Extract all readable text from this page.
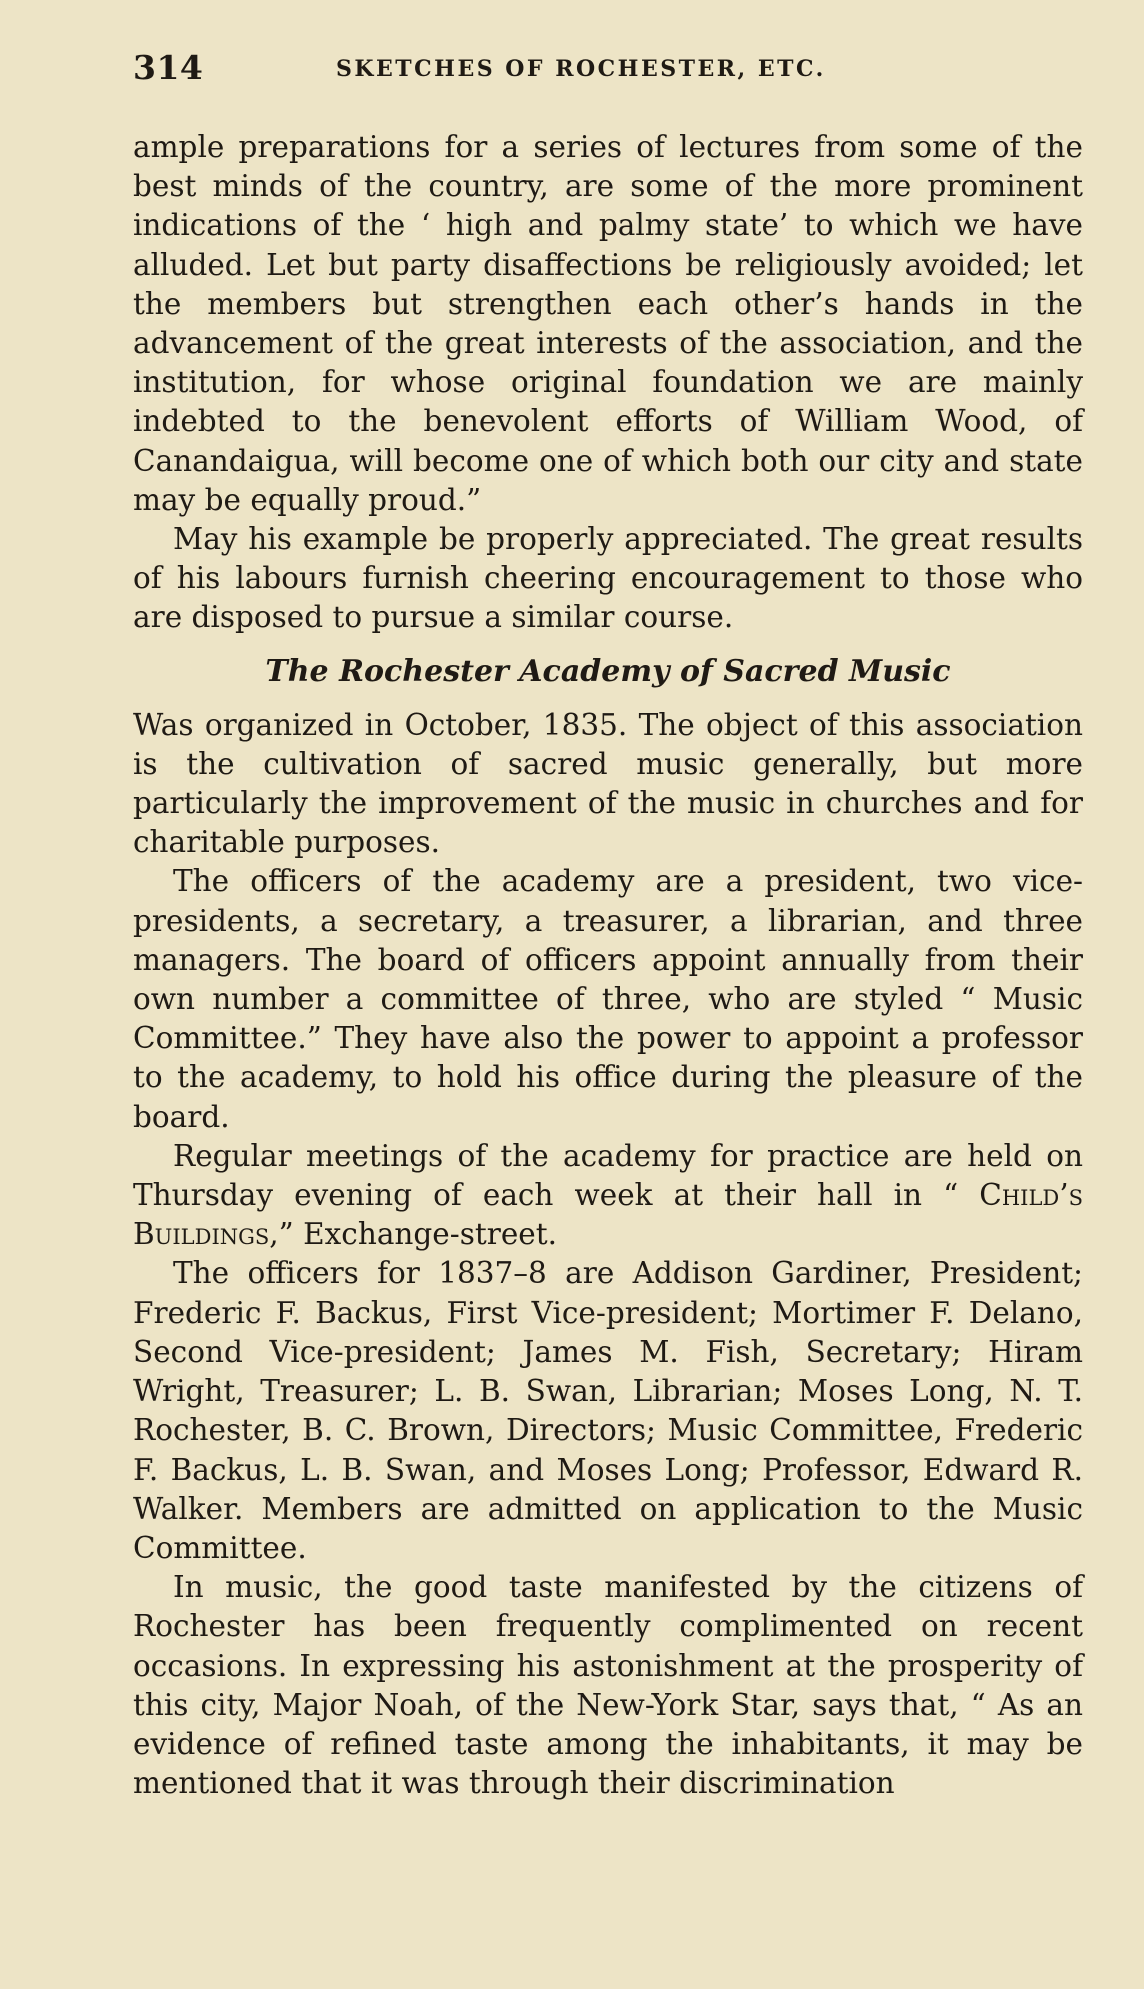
314	SKETCHES OF ROCHESTER, ETC.

ample preparations for a series of lectures from some of the best minds of the country, are some of the more prominent indications of the ‘ high and palmy state’ to which we have alluded. Let but party disaffections be religiously avoided; let the members but strengthen each other’s hands in the advancement of the great interests of the association, and the institution, for whose original foundation we are mainly indebted to the benevolent efforts of William Wood, of Canandaigua, will become one of which both our city and state may be equally proud.”

May his example be properly appreciated. The great results of his labours furnish cheering encouragement to those who are disposed to pursue a similar course.

The Rochester Academy of Sacred Music

Was organized in October, 1835. The object of this association is the cultivation of sacred music generally, but more particularly the improvement of the music in churches and for charitable purposes.

The officers of the academy are a president, two vice-presidents, a secretary, a treasurer, a librarian, and three managers. The board of officers appoint annually from their own number a committee of three, who are styled “ Music Committee.” They have also the power to appoint a professor to the academy, to hold his office during the pleasure of the board.

Regular meetings of the academy for practice are held on Thursday evening of each week at their hall in “ Child’s Buildings,” Exchange-street.

The officers for 1837–8 are Addison Gardiner, President; Frederic F. Backus, First Vice-president; Mortimer F. Delano, Second Vice-president; James M. Fish, Secretary; Hiram Wright, Treasurer; L. B. Swan, Librarian; Moses Long, N. T. Rochester, B. C. Brown, Directors; Music Committee, Frederic F. Backus, L. B. Swan, and Moses Long; Professor, Edward R. Walker. Members are admitted on application to the Music Committee.

In music, the good taste manifested by the citizens of Rochester has been frequently complimented on recent occasions. In expressing his astonishment at the prosperity of this city, Major Noah, of the New-York Star, says that, “ As an evidence of refined taste among the inhabitants, it may be mentioned that it was through their discrimination
